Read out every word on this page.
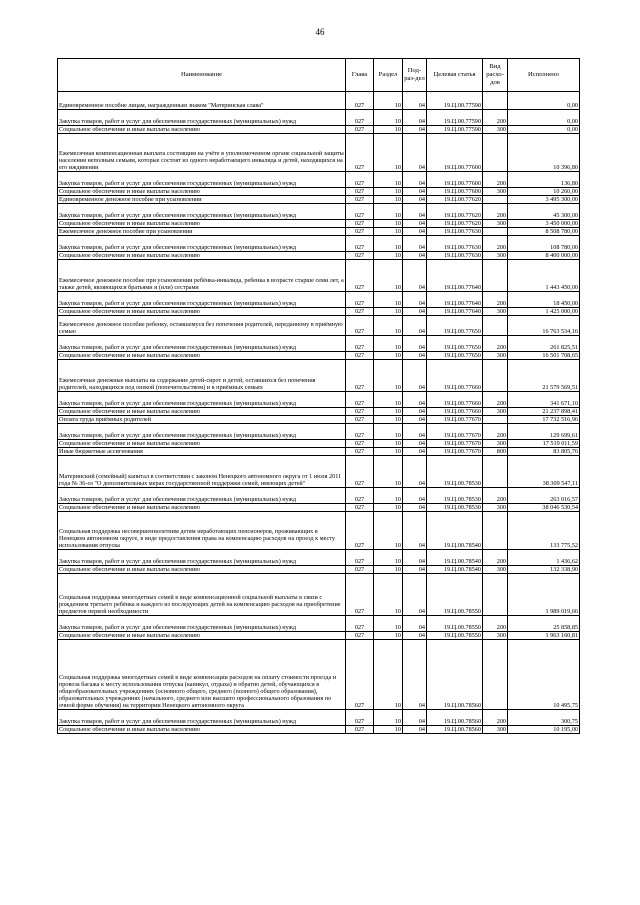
46
Наименование	Глава	Раздел	Под-раз-дел	Целевая статья	Вид расхо-дов	Исполнено
Единовременное пособие лицам, награжденным знаком "Материнская слава"	027	10	04	19.Ц.00.77590		0,00
Закупка товаров, работ и услуг для обеспечения государственных (муниципальных) нужд	027	10	04	19.Ц.00.77590	200	0,00
Социальное обеспечение и иные выплаты населению	027	10	04	19.Ц.00.77590	300	0,00
Ежемесячная компенсационная выплата состоящим на учёте в уполномоченном органе социальной защиты населения неполным семьям, которые состоят из одного неработающего инвалида и детей, находящихся на его иждивении	027	10	04	19.Ц.00.77600		10 396,80
Закупка товаров, работ и услуг для обеспечения государственных (муниципальных) нужд	027	10	04	19.Ц.00.77600	200	136,80
Социальное обеспечение и иные выплаты населению	027	10	04	19.Ц.00.77600	300	10 260,00
Единовременное денежное пособие при усыновлении	027	10	04	19.Ц.00.77620		3 495 300,00
Закупка товаров, работ и услуг для обеспечения государственных (муниципальных) нужд	027	10	04	19.Ц.00.77620	200	45 300,00
Социальное обеспечение и иные выплаты населению	027	10	04	19.Ц.00.77620	300	3 450 000,00
Ежемесячное денежное пособие при усыновлении	027	10	04	19.Ц.00.77630		8 508 780,00
Закупка товаров, работ и услуг для обеспечения государственных (муниципальных) нужд	027	10	04	19.Ц.00.77630	200	108 780,00
Социальное обеспечение и иные выплаты населению	027	10	04	19.Ц.00.77630	300	8 400 000,00
Ежемесячное денежное пособие при усыновлении ребёнка-инвалида, ребенка в возрасте старше семи лет, а также детей, являющихся братьями и (или) сестрами	027	10	04	19.Ц.00.77640		1 443 450,00
Закупка товаров, работ и услуг для обеспечения государственных (муниципальных) нужд	027	10	04	19.Ц.00.77640	200	18 450,00
Социальное обеспечение и иные выплаты населению	027	10	04	19.Ц.00.77640	300	1 425 000,00
Ежемесячное денежное пособие ребенку, оставшемуся без попечения родителей, переданному в приёмную семью	027	10	04	19.Ц.00.77650		16 763 534,16
Закупка товаров, работ и услуг для обеспечения государственных (муниципальных) нужд	027	10	04	19.Ц.00.77650	200	261 825,51
Социальное обеспечение и иные выплаты населению	027	10	04	19.Ц.00.77650	300	16 501 708,65
Ежемесячные денежные выплаты на содержание детей-сирот и детей, оставшихся без попечения родителей, находящихся под опекой (попечительством) и в приёмных семьях	027	10	04	19.Ц.00.77660		21 579 569,51
Закупка товаров, работ и услуг для обеспечения государственных (муниципальных) нужд	027	10	04	19.Ц.00.77660	200	341 671,10
Социальное обеспечение и иные выплаты населению	027	10	04	19.Ц.00.77660	300	21 237 898,41
Оплата труда приёмных родителей	027	10	04	19.Ц.00.77670		17 732 516,96
Закупка товаров, работ и услуг для обеспечения государственных (муниципальных) нужд	027	10	04	19.Ц.00.77670	200	129 699,61
Социальное обеспечение и иные выплаты населению	027	10	04	19.Ц.00.77670	300	17 519 011,59
Иные бюджетные ассигнования	027	10	04	19.Ц.00.77670	800	83 805,76
Материнский (семейный) капитал в соответствии с законом Ненецкого автономного округа от 1 июля 2011 года № 36-оз "О дополнительных мерах государственной поддержки семей, имеющих детей"	027	10	04	19.Ц.00.78530		38 309 547,11
Закупка товаров, работ и услуг для обеспечения государственных (муниципальных) нужд	027	10	04	19.Ц.00.78530	200	263 016,57
Социальное обеспечение и иные выплаты населению	027	10	04	19.Ц.00.78530	300	38 046 530,54
Социальная поддержка несовершеннолетним детям неработающих пенсионеров, проживающих в Ненецком автономном округе, в виде предоставления права на компенсацию расходов на проезд к месту использования отпуска	027	10	04	19.Ц.00.78540		133 775,52
Закупка товаров, работ и услуг для обеспечения государственных (муниципальных) нужд	027	10	04	19.Ц.00.78540	200	1 436,62
Социальное обеспечение и иные выплаты населению	027	10	04	19.Ц.00.78540	300	132 338,90
Социальная поддержка многодетных семей в виде компенсационной социальной выплаты в связи с рождением третьего ребёнка и каждого из последующих детей на компенсацию расходов на приобретение предметов первой необходимости	027	10	04	19.Ц.00.78550		1 989 019,66
Закупка товаров, работ и услуг для обеспечения государственных (муниципальных) нужд	027	10	04	19.Ц.00.78550	200	25 858,85
Социальное обеспечение и иные выплаты населению	027	10	04	19.Ц.00.78550	300	1 963 160,81
Социальная поддержка многодетных семей в виде компенсации расходов на оплату стоимости проезда и провоза багажа к месту использования отпуска (каникул, отдыха) и обратно детей, обучающихся в общеобразовательных учреждениях (основного общего, среднего (полного) общего образования), образовательных учреждениях (начального, среднего или высшего профессионального образования по очной форме обучения) на территории Ненецкого автономного округа	027	10	04	19.Ц.00.78560		10 495,75
Закупка товаров, работ и услуг для обеспечения государственных (муниципальных) нужд	027	10	04	19.Ц.00.78560	200	300,75
Социальное обеспечение и иные выплаты населению	027	10	04	19.Ц.00.78560	300	10 195,00
